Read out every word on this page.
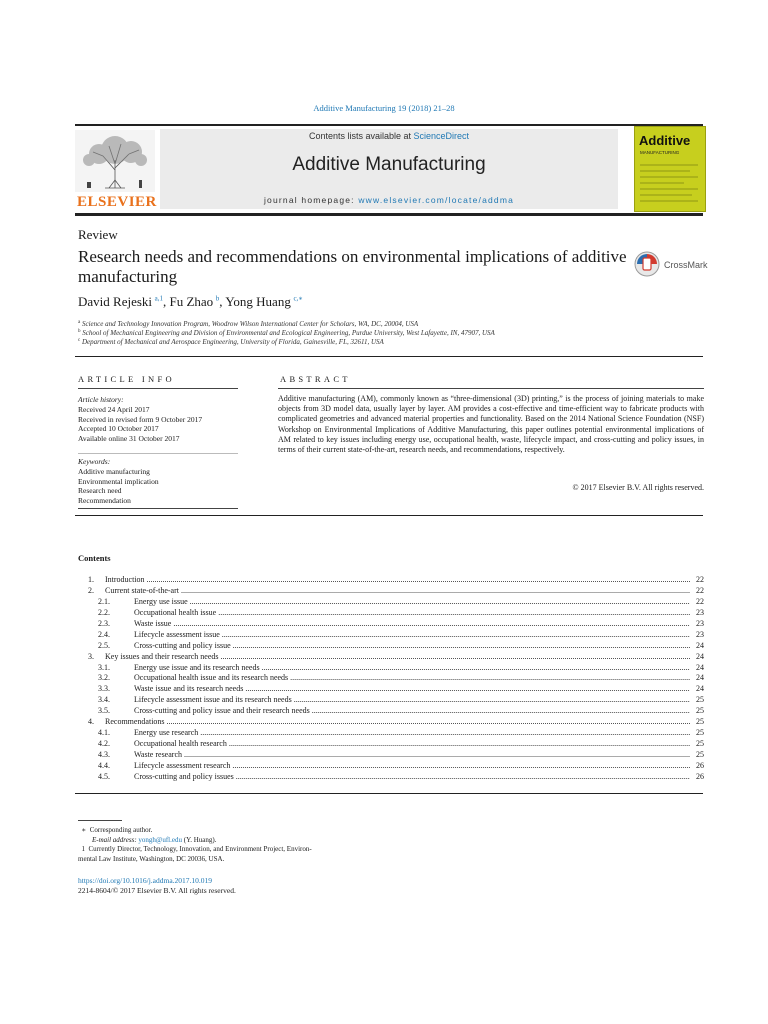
Additive Manufacturing 19 (2018) 21–28
ELSEVIER
Contents lists available at ScienceDirect
Additive Manufacturing
journal homepage: www.elsevier.com/locate/addma
Additive
MANUFACTURING
Review
Research needs and recommendations on environmental implications of additive manufacturing
CrossMark
David Rejeski  $^{a,1}$, Fu Zhao  $^b$, Yong Huang  $^{c,∗}$
$^a$ Science and Technology Innovation Program, Woodrow Wilson International Center for Scholars, WA, DC, 20004, USA
$^b$ School of Mechanical Engineering and Division of Environmental and Ecological Engineering, Purdue University, West Lafayette, IN, 47907, USA
$^c$ Department of Mechanical and Aerospace Engineering, University of Florida, Gainesville, FL, 32611, USA
ARTICLE INFO
Article history:
Received 24 April 2017
Received in revised form 9 October 2017
Accepted 10 October 2017
Available online 31 October 2017
Keywords:
Additive manufacturing
Environmental implication
Research need
Recommendation
ABSTRACT
Additive manufacturing (AM), commonly known as “three-dimensional (3D) printing,” is the process of joining materials to make objects from 3D model data, usually layer by layer. AM provides a cost-effective and time-efficient way to fabricate products with complicated geometries and advanced material properties and functionality. Based on the 2014 National Science Foundation (NSF) Workshop on Environmental Implications of Additive Manufacturing, this paper outlines potential environmental implications of AM related to key issues including energy use, occupational health, waste, lifecycle impact, and cross-cutting and policy issues, in terms of their current state-of-the-art, research needs, and recommendations, respectively.
© 2017 Elsevier B.V. All rights reserved.
Contents
1. Introduction .....	22
2. Current state-of-the-art .....	22
2.1.	Energy use issue .....	22
2.2.	Occupational health issue .....	23
2.3.	Waste issue .....	23
2.4.	Lifecycle assessment issue .....	23
2.5.	Cross-cutting and policy issue .....	24
3. Key issues and their research needs .....	24
3.1.	Energy use issue and its research needs .....	24
3.2.	Occupational health issue and its research needs .....	24
3.3.	Waste issue and its research needs .....	24
3.4.	Lifecycle assessment issue and its research needs .....	25
3.5.	Cross-cutting and policy issue and their research needs .....	25
4. Recommendations .....	25
4.1.	Energy use research .....	25
4.2.	Occupational health research .....	25
4.3.	Waste research .....	25
4.4.	Lifecycle assessment research .....	26
4.5.	Cross-cutting and policy issues .....	26
∗ Corresponding author.
E-mail address: yongh@ufl.edu (Y. Huang).
1 Currently Director, Technology, Innovation, and Environment Project, Environ-
mental Law Institute, Washington, DC 20036, USA.
https://doi.org/10.1016/j.addma.2017.10.019
2214-8604/© 2017 Elsevier B.V. All rights reserved.
